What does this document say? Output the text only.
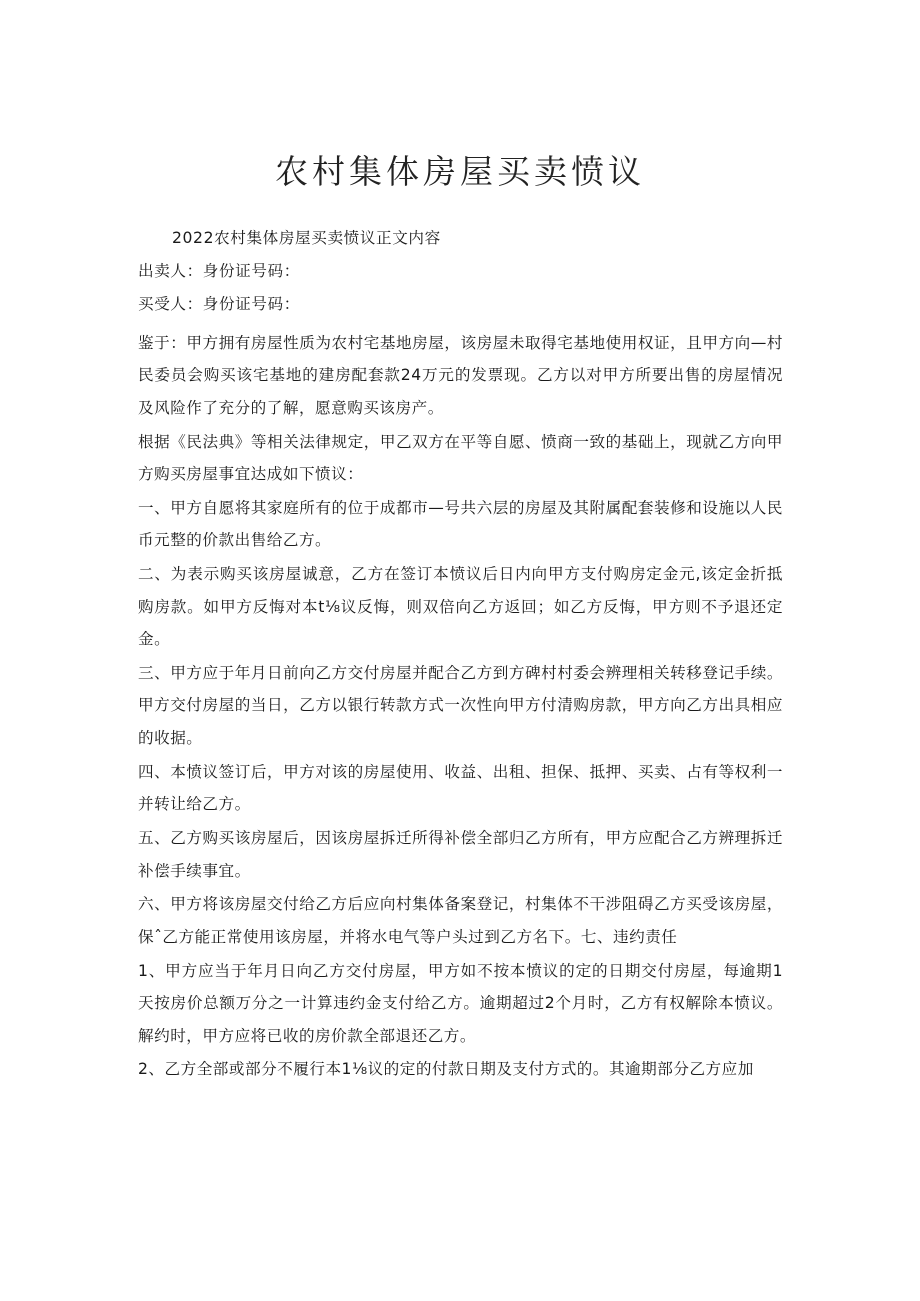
农村集体房屋买卖愤议
2022农村集体房屋买卖愤议正文内容
出卖人：身份证号码：
买受人：身份证号码：

鉴于：甲方拥有房屋性质为农村宅基地房屋，该房屋未取得宅基地使用权证，且甲方向—村民委员会购买该宅基地的建房配套款24万元的发票现。乙方以对甲方所要出售的房屋情况及风险作了充分的了解，愿意购买该房产。

根据《民法典》等相关法律规定，甲乙双方在平等自愿、愤商一致的基础上，现就乙方向甲方购买房屋事宜达成如下愤议：

一、甲方自愿将其家庭所有的位于成都市—号共六层的房屋及其附属配套装修和设施以人民币元整的价款出售给乙方。

二、为表示购买该房屋诚意，乙方在签订本愤议后日内向甲方支付购房定金元,该定金折抵购房款。如甲方反悔对本t⅛议反悔，则双倍向乙方返回；如乙方反悔，甲方则不予退还定金。

三、甲方应于年月日前向乙方交付房屋并配合乙方到方碑村村委会辨理相关转移登记手续。甲方交付房屋的当日，乙方以银行转款方式一次性向甲方付清购房款，甲方向乙方出具相应的收据。

四、本愤议签订后，甲方对该的房屋使用、收益、出租、担保、抵押、买卖、占有等权利一并转让给乙方。

五、乙方购买该房屋后，因该房屋拆迁所得补偿全部归乙方所有，甲方应配合乙方辨理拆迁补偿手续事宜。

六、甲方将该房屋交付给乙方后应向村集体备案登记，村集体不干涉阻碍乙方买受该房屋，保ˆ乙方能正常使用该房屋，并将水电气等户头过到乙方名下。七、违约责任

1、甲方应当于年月日向乙方交付房屋，甲方如不按本愤议的定的日期交付房屋，每逾期1天按房价总额万分之一计算违约金支付给乙方。逾期超过2个月时，乙方有权解除本愤议。解约时，甲方应将已收的房价款全部退还乙方。

2、乙方全部或部分不履行本1⅛议的定的付款日期及支付方式的。其逾期部分乙方应加
